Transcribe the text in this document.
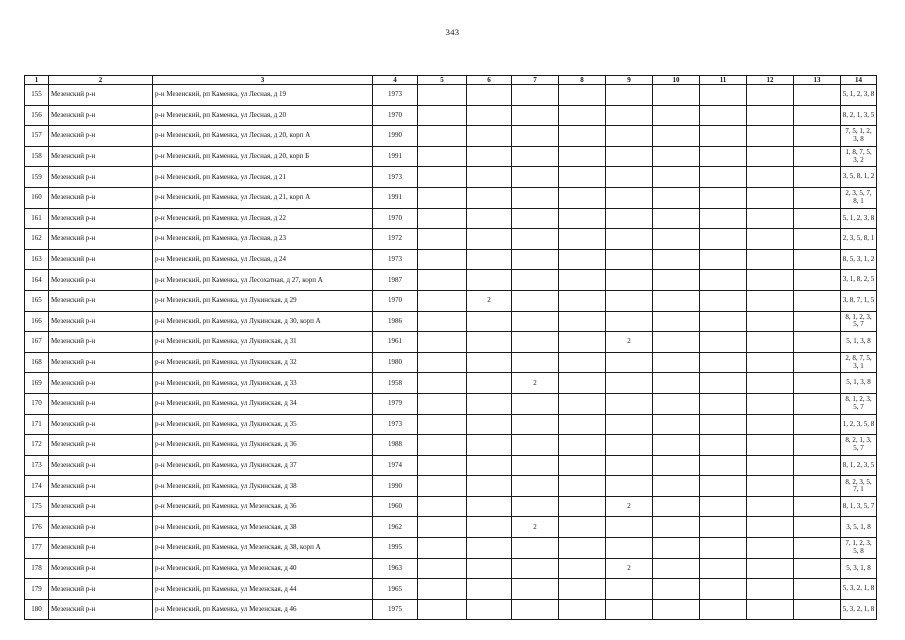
343
1	2	3	4	5	6	7	8	9	10	11	12	13	14
155	Мезенский р-н	р-н Мезенский, рп Каменка, ул Лесная, д 19	1973										5, 1, 2, 3, 8
156	Мезенский р-н	р-н Мезенский, рп Каменка, ул Лесная, д 20	1970										8, 2, 1, 3, 5
157	Мезенский р-н	р-н Мезенский, рп Каменка, ул Лесная, д 20, корп А	1990										7, 5, 1, 2, 3, 8
158	Мезенский р-н	р-н Мезенский, рп Каменка, ул Лесная, д 20, корп Б	1991										1, 8, 7, 5, 3, 2
159	Мезенский р-н	р-н Мезенский, рп Каменка, ул Лесная, д 21	1973										3, 5, 8, 1, 2
160	Мезенский р-н	р-н Мезенский, рп Каменка, ул Лесная, д 21, корп А	1991										2, 3, 5, 7, 8, 1
161	Мезенский р-н	р-н Мезенский, рп Каменка, ул Лесная, д 22	1970										5, 1, 2, 3, 8
162	Мезенский р-н	р-н Мезенский, рп Каменка, ул Лесная, д 23	1972										2, 3, 5, 8, 1
163	Мезенский р-н	р-н Мезенский, рп Каменка, ул Лесная, д 24	1973										8, 5, 3, 1, 2
164	Мезенский р-н	р-н Мезенский, рп Каменка, ул Лесохатная, д 27, корп А	1987										3, 1, 8, 2, 5
165	Мезенский р-н	р-н Мезенский, рп Каменка, ул Лукинская, д 29	1970		2								3, 8, 7, 1, 5
166	Мезенский р-н	р-н Мезенский, рп Каменка, ул Лукинская, д 30, корп А	1986										8, 1, 2, 3, 5, 7
167	Мезенский р-н	р-н Мезенский, рп Каменка, ул Лукинская, д 31	1961					2					5, 1, 3, 8
168	Мезенский р-н	р-н Мезенский, рп Каменка, ул Лукинская, д 32	1980										2, 8, 7, 5, 3, 1
169	Мезенский р-н	р-н Мезенский, рп Каменка, ул Лукинская, д 33	1958			2							5, 1, 3, 8
170	Мезенский р-н	р-н Мезенский, рп Каменка, ул Лукинская, д 34	1979										8, 1, 2, 3, 5, 7
171	Мезенский р-н	р-н Мезенский, рп Каменка, ул Лукинская, д 35	1973										1, 2, 3, 5, 8
172	Мезенский р-н	р-н Мезенский, рп Каменка, ул Лукинская, д 36	1988										8, 2, 1, 3, 5, 7
173	Мезенский р-н	р-н Мезенский, рп Каменка, ул Лукинская, д 37	1974										8, 1, 2, 3, 5
174	Мезенский р-н	р-н Мезенский, рп Каменка, ул Лукинская, д 38	1990										8, 2, 3, 5, 7, 1
175	Мезенский р-н	р-н Мезенский, рп Каменка, ул Мезенская, д 36	1960					2					8, 1, 3, 5, 7
176	Мезенский р-н	р-н Мезенский, рп Каменка, ул Мезенская, д 38	1962			2							3, 5, 1, 8
177	Мезенский р-н	р-н Мезенский, рп Каменка, ул Мезенская, д 38, корп А	1995										7, 1, 2, 3, 5, 8
178	Мезенский р-н	р-н Мезенский, рп Каменка, ул Мезенская, д 40	1963					2					5, 3, 1, 8
179	Мезенский р-н	р-н Мезенский, рп Каменка, ул Мезенская, д 44	1965										5, 3, 2, 1, 8
180	Мезенский р-н	р-н Мезенский, рп Каменка, ул Мезенская, д 46	1975										5, 3, 2, 1, 8
